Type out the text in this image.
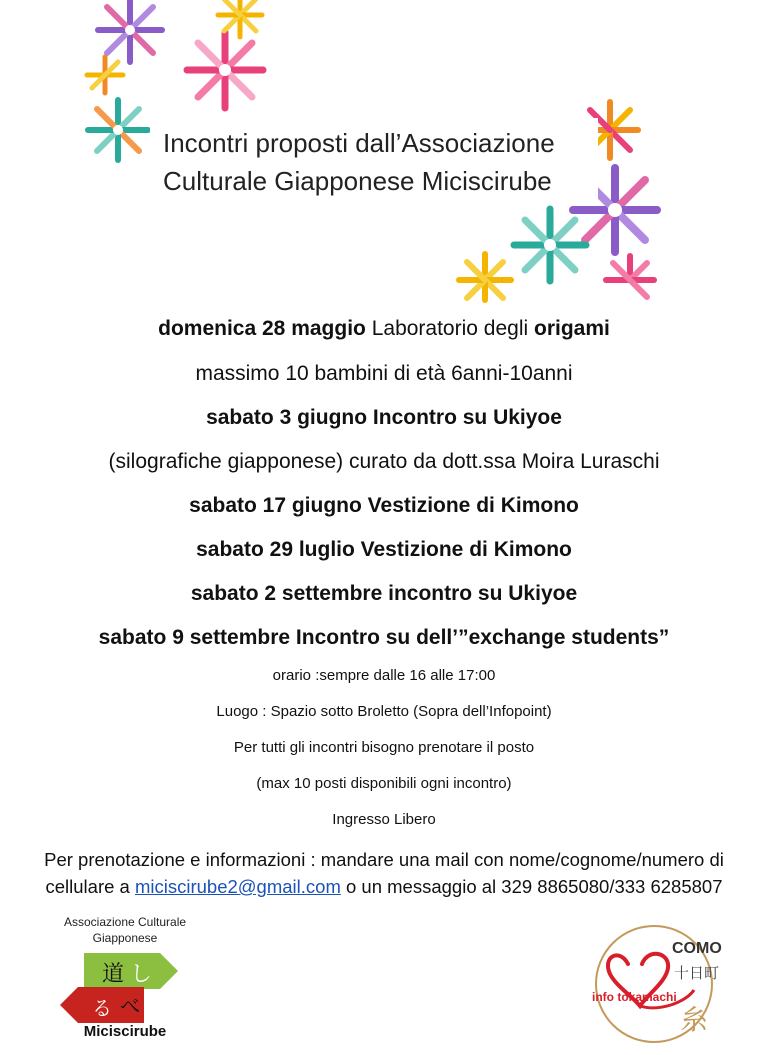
Incontri proposti dall’Associazione
Culturale Giapponese Miciscirube
domenica 28 maggio Laboratorio degli origami
massimo 10 bambini di età 6anni-10anni
sabato 3 giugno Incontro su Ukiyoe
(silografiche giapponese) curato da dott.ssa Moira Luraschi
sabato 17 giugno Vestizione di Kimono
sabato 29 luglio Vestizione di Kimono
sabato 2 settembre incontro su Ukiyoe
sabato 9 settembre Incontro su dell’”exchange students”
orario :sempre dalle 16 alle 17:00
Luogo : Spazio sotto Broletto (Sopra dell’Infopoint)
Per tutti gli incontri bisogno prenotare il posto
(max 10 posti disponibili ogni incontro)
Ingresso Libero
Per prenotazione e informazioni : mandare una mail con nome/cognome/numero di
cellulare a miciscirube2@gmail.com o un messaggio al 329 8865080/333 6285807
Associazione Culturale
Giapponese
道 し
る べ
Miciscirube
COMO
十日町
info tokamachi
糸
